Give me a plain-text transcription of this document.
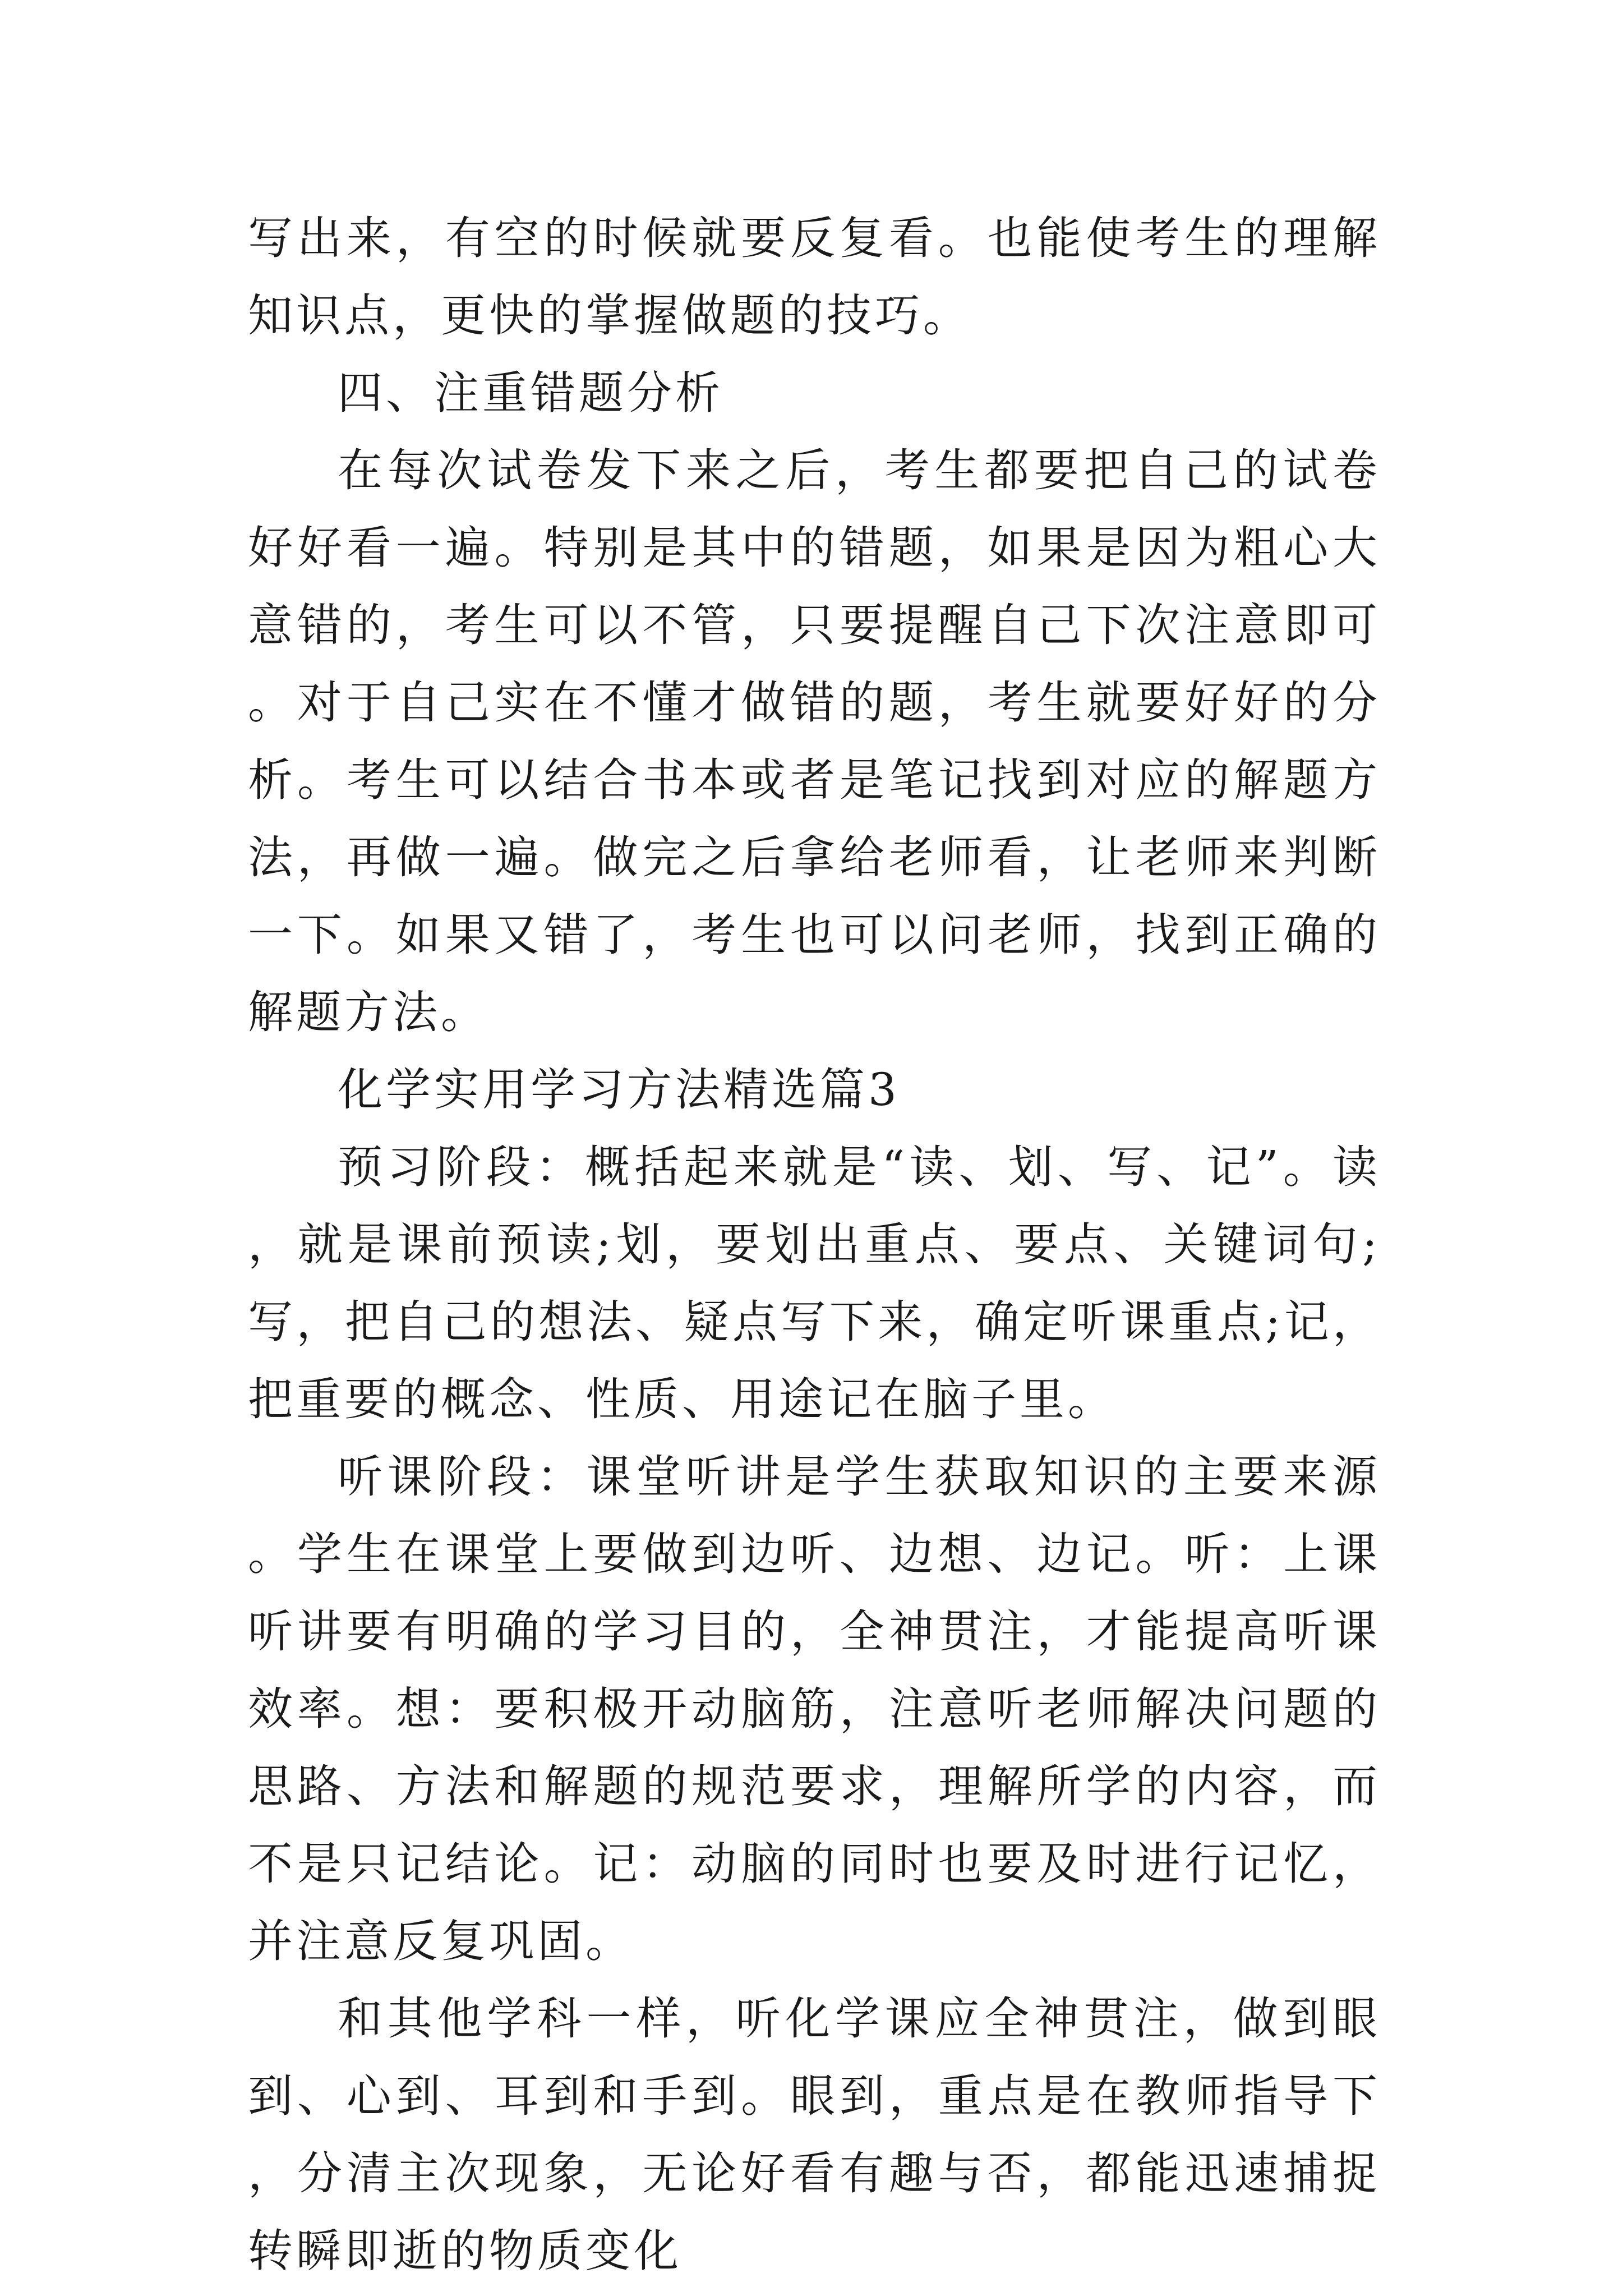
写出来，有空的时候就要反复看。也能使考生的理解知识点，更快的掌握做题的技巧。

四、注重错题分析

在每次试卷发下来之后，考生都要把自己的试卷好好看一遍。特别是其中的错题，如果是因为粗心大意错的，考生可以不管，只要提醒自己下次注意即可。对于自己实在不懂才做错的题，考生就要好好的分析。考生可以结合书本或者是笔记找到对应的解题方法，再做一遍。做完之后拿给老师看，让老师来判断一下。如果又错了，考生也可以问老师，找到正确的解题方法。

化学实用学习方法精选篇3

预习阶段：概括起来就是“读、划、写、记”。读，就是课前预读;划，要划出重点、要点、关键词句;写，把自己的想法、疑点写下来，确定听课重点;记，把重要的概念、性质、用途记在脑子里。

听课阶段：课堂听讲是学生获取知识的主要来源。学生在课堂上要做到边听、边想、边记。听：上课听讲要有明确的学习目的，全神贯注，才能提高听课效率。想：要积极开动脑筋，注意听老师解决问题的思路、方法和解题的规范要求，理解所学的内容，而不是只记结论。记：动脑的同时也要及时进行记忆，并注意反复巩固。

和其他学科一样，听化学课应全神贯注，做到眼到、心到、耳到和手到。眼到，重点是在教师指导下，分清主次现象，无论好看有趣与否，都能迅速捕捉转瞬即逝的物质变化
